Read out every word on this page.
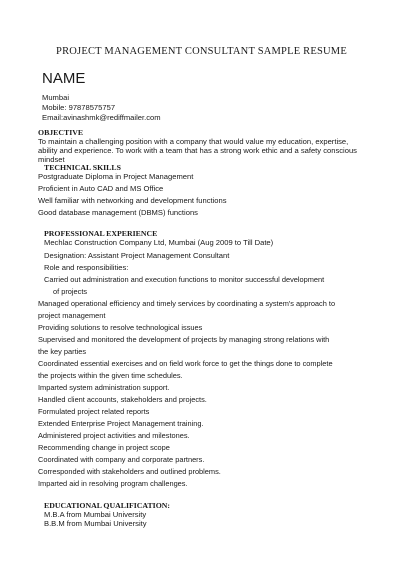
PROJECT MANAGEMENT CONSULTANT SAMPLE RESUME
NAME
Mumbai
Mobile: 97878575757
Email:avinashmk@rediffmailer.com
OBJECTIVE
To maintain a challenging position with a company that would value my education, expertise, ability and experience. To work with a team that has a strong work ethic and a safety conscious mindset
TECHNICAL SKILLS
Postgraduate Diploma in Project Management
Proficient in Auto CAD and MS Office
Well familiar with networking and development functions
Good database management (DBMS) functions
PROFESSIONAL EXPERIENCE
Mechlac Construction Company Ltd, Mumbai (Aug 2009 to Till Date)
Designation: Assistant Project Management Consultant
Role and responsibilities:
Carried out administration and execution functions to monitor successful development
of projects
Managed operational efficiency and timely services by coordinating a system's approach to
project management
Providing solutions to resolve technological issues
Supervised and monitored the development of projects by managing strong relations with
the key parties
Coordinated essential exercises and on field work force to get the things done to complete
the projects within the given time schedules.
Imparted system administration support.
Handled client accounts, stakeholders and projects.
Formulated project related reports
Extended Enterprise Project Management training.
Administered project activities and milestones.
Recommending change in project scope
Coordinated with company and corporate partners.
Corresponded with stakeholders and outlined problems.
Imparted aid in resolving program challenges.
EDUCATIONAL QUALIFICATION:
M.B.A from Mumbai University
B.B.M from Mumbai University
